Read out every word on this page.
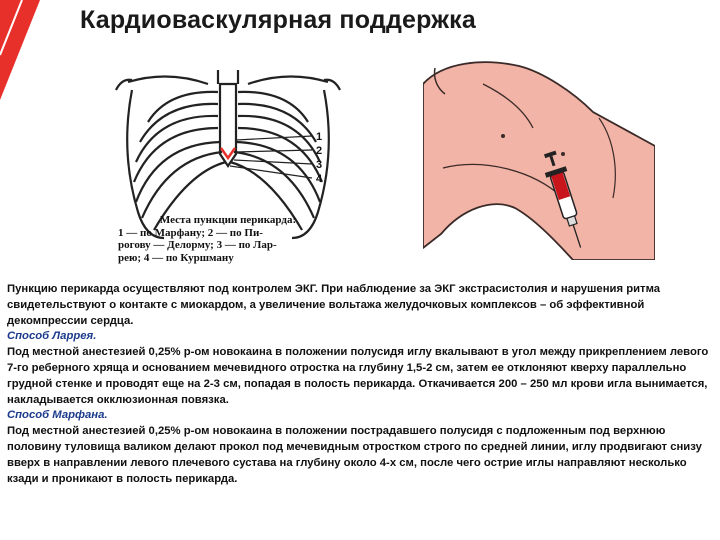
Кардиоваскулярная поддержка
1
2
3
4
Места пункции перикарда:
1 — по Марфану; 2 — по Пи-
рогову — Делорму; 3 — по Лар-
рею; 4 — по Куршману

Пункцию перикарда осуществляют под контролем ЭКГ. При наблюдение за ЭКГ экстрасистолия и нарушения ритма свидетельствуют о контакте с миокардом, а увеличение вольтажа желудочковых комплексов – об эффективной декомпрессии сердца.

Способ Ларрея.

Под местной анестезией 0,25% р-ом новокаина в положении полусидя иглу вкалывают в угол между прикреплением левого 7-го реберного хряща и основанием мечевидного отростка на глубину 1,5-2 см, затем ее отклоняют кверху параллельно грудной стенке и проводят еще на 2-3 см, попадая в полость перикарда. Откачивается 200 – 250 мл крови игла вынимается, накладывается окклюзионная повязка.

Способ Марфана.

Под местной анестезией 0,25% р-ом новокаина в положении пострадавшего полусидя с подложенным под верхнюю половину туловища валиком делают прокол под мечевидным отростком строго по средней линии, иглу продвигают снизу вверх в направлении левого плечевого сустава на глубину около 4-х см, после чего острие иглы направляют несколько кзади и проникают в полость перикарда.
